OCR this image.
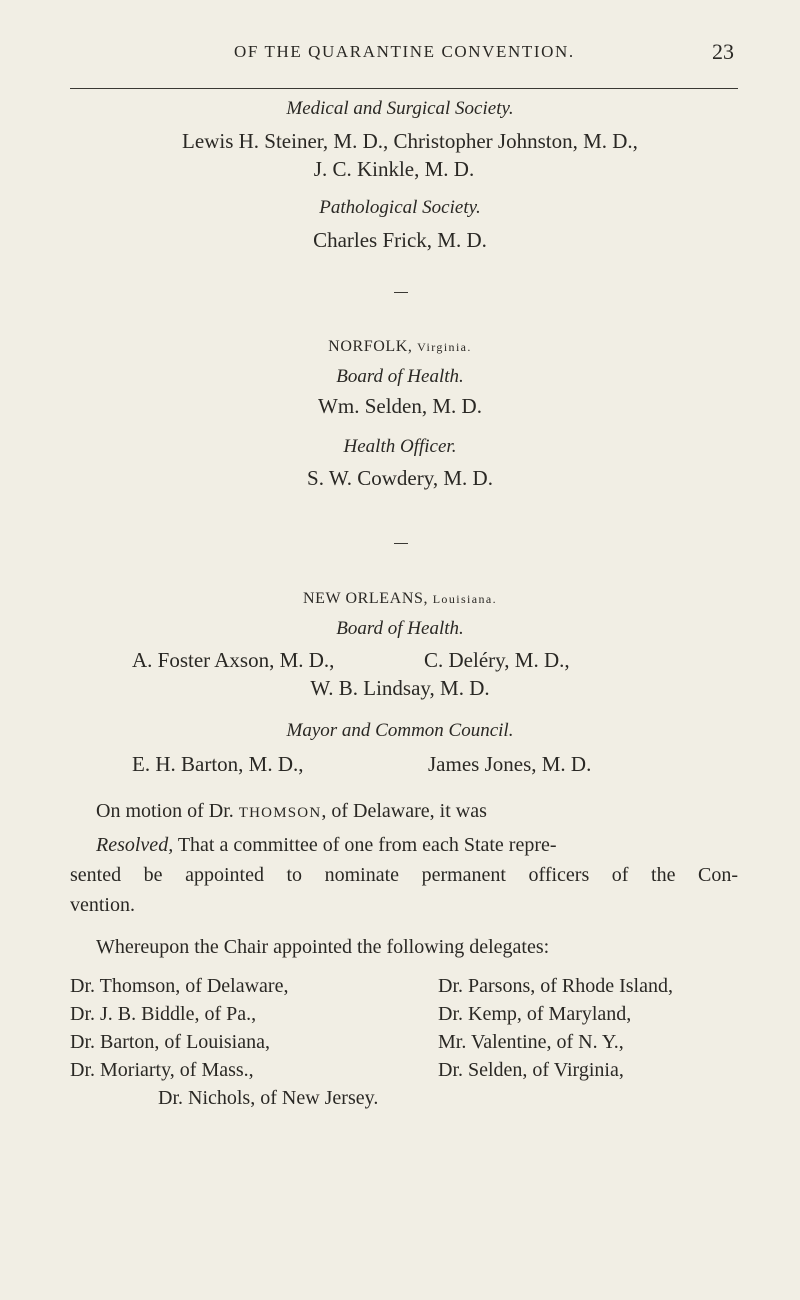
OF THE QUARANTINE CONVENTION.	23
Medical and Surgical Society.
Lewis H. Steiner, M. D., Christopher Johnston, M. D.,
J. C. Kinkle, M. D.
Pathological Society.
Charles Frick, M. D.
NORFOLK, Virginia.
Board of Health.
Wm. Selden, M. D.
Health Officer.
S. W. Cowdery, M. D.
NEW ORLEANS, Louisiana.
Board of Health.
A. Foster Axson, M. D.,	C. Deléry, M. D.,
W. B. Lindsay, M. D.
Mayor and Common Council.
E. H. Barton, M. D.,	James Jones, M. D.
On motion of Dr. THOMSON, of Delaware, it was
Resolved, That a committee of one from each State repre-
sented be appointed to nominate permanent officers of the Con-
vention.
Whereupon the Chair appointed the following delegates:
Dr. Thomson, of Delaware,	Dr. Parsons, of Rhode Island,
Dr. J. B. Biddle, of Pa.,	Dr. Kemp, of Maryland,
Dr. Barton, of Louisiana,	Mr. Valentine, of N. Y.,
Dr. Moriarty, of Mass.,	Dr. Selden, of Virginia,
Dr. Nichols, of New Jersey.
